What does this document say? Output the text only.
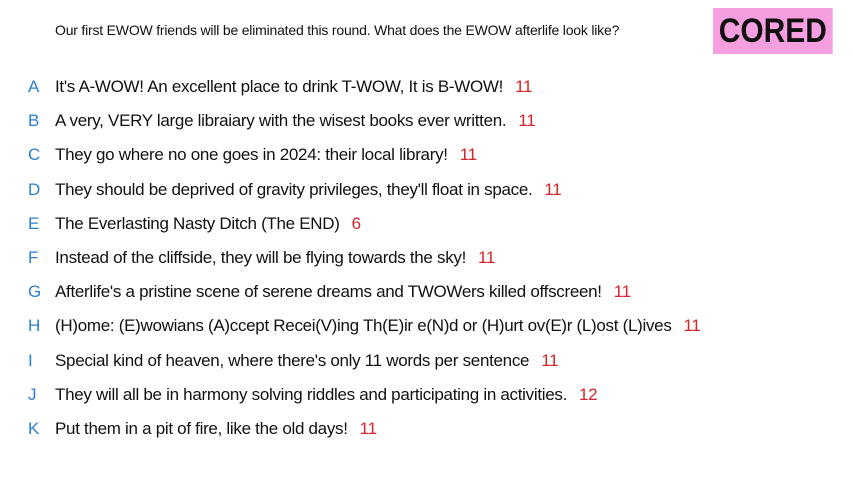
Our first EWOW friends will be eliminated this round. What does the EWOW afterlife look like?	CORED
A It's A-WOW! An excellent place to drink T-WOW, It is B-WOW! 11
B A very, VERY large libraiary with the wisest books ever written. 11
C They go where no one goes in 2024: their local library! 11
D They should be deprived of gravity privileges, they'll float in space. 11
E The Everlasting Nasty Ditch (The END) 6
F Instead of the cliffside, they will be flying towards the sky! 11
G Afterlife's a pristine scene of serene dreams and TWOWers killed offscreen! 11
H (H)ome: (E)wowians (A)ccept Recei(V)ing Th(E)ir e(N)d or (H)urt ov(E)r (L)ost (L)ives 11
I	Special kind of heaven, where there's only 11 words per sentence 11
J	They will all be in harmony solving riddles and participating in activities. 12
K Put them in a pit of fire, like the old days! 11
